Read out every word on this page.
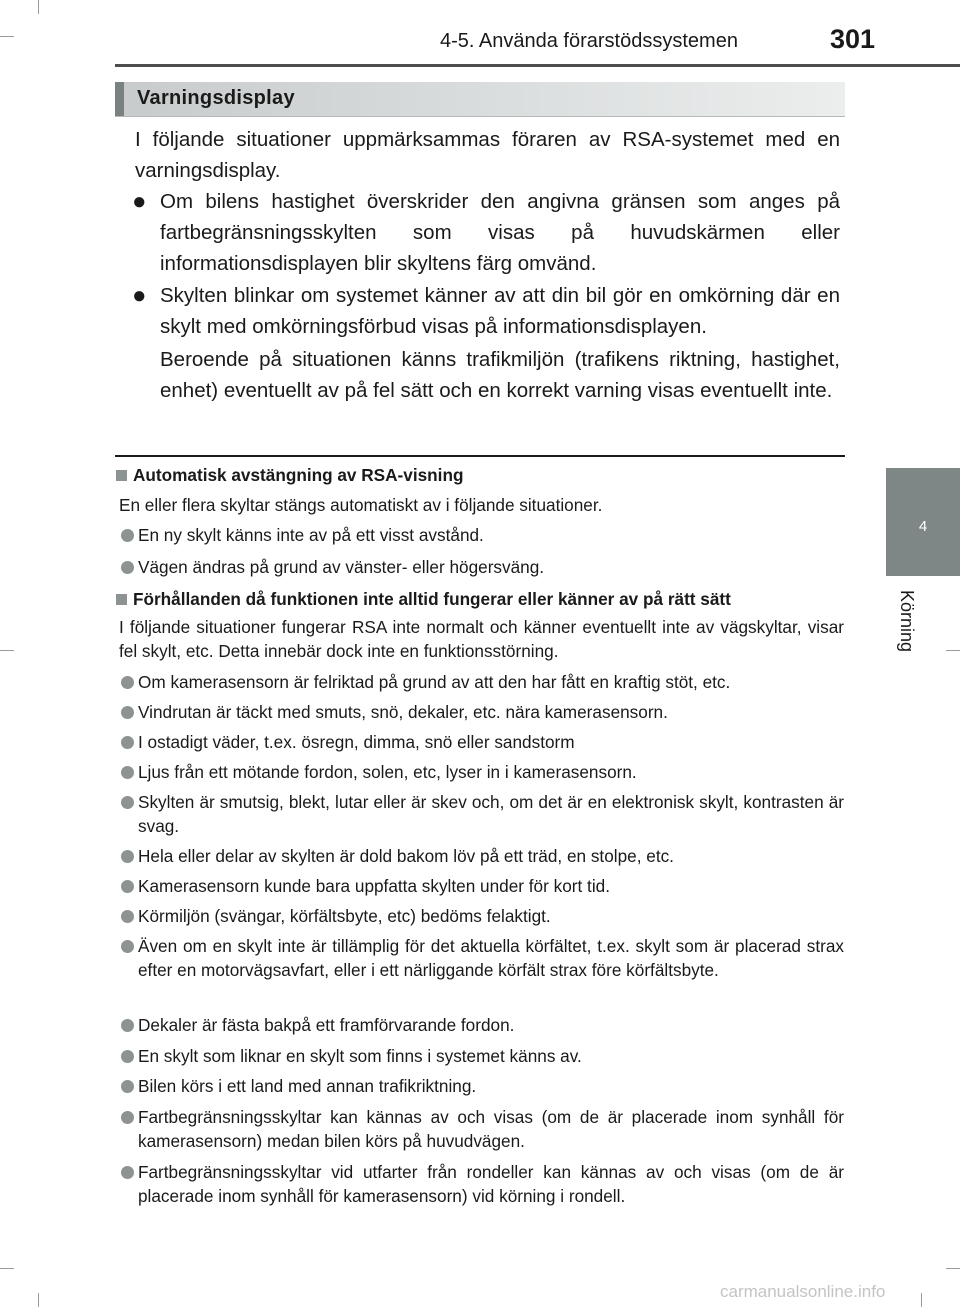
4-5. Använda förarstödssystemen	301
4
Körning
Varningsdisplay
I följande situationer uppmärksammas föraren av RSA-systemet med en varningsdisplay.
● Om bilens hastighet överskrider den angivna gränsen som anges på fartbegränsningsskylten som visas på huvudskärmen eller informationsdisplayen blir skyltens färg omvänd.
● Skylten blinkar om systemet känner av att din bil gör en omkörning där en skylt med omkörningsförbud visas på informationsdisplayen.
Beroende på situationen känns trafikmiljön (trafikens riktning, hastighet, enhet) eventuellt av på fel sätt och en korrekt varning visas eventuellt inte.
Automatisk avstängning av RSA-visning
En eller flera skyltar stängs automatiskt av i följande situationer.
En ny skylt känns inte av på ett visst avstånd.
Vägen ändras på grund av vänster- eller högersväng.
Förhållanden då funktionen inte alltid fungerar eller känner av på rätt sätt
I följande situationer fungerar RSA inte normalt och känner eventuellt inte av vägskyltar, visar fel skylt, etc. Detta innebär dock inte en funktionsstörning.
Om kamerasensorn är felriktad på grund av att den har fått en kraftig stöt, etc.
Vindrutan är täckt med smuts, snö, dekaler, etc. nära kamerasensorn.
I ostadigt väder, t.ex. ösregn, dimma, snö eller sandstorm
Ljus från ett mötande fordon, solen, etc, lyser in i kamerasensorn.
Skylten är smutsig, blekt, lutar eller är skev och, om det är en elektronisk skylt, kontrasten är svag.
Hela eller delar av skylten är dold bakom löv på ett träd, en stolpe, etc.
Kamerasensorn kunde bara uppfatta skylten under för kort tid.
Körmiljön (svängar, körfältsbyte, etc) bedöms felaktigt.
Även om en skylt inte är tillämplig för det aktuella körfältet, t.ex. skylt som är placerad strax efter en motorvägsavfart, eller i ett närliggande körfält strax före körfältsbyte.
Dekaler är fästa bakpå ett framförvarande fordon.
En skylt som liknar en skylt som finns i systemet känns av.
Bilen körs i ett land med annan trafikriktning.
Fartbegränsningsskyltar kan kännas av och visas (om de är placerade inom synhåll för kamerasensorn) medan bilen körs på huvudvägen.
Fartbegränsningsskyltar vid utfarter från rondeller kan kännas av och visas (om de är placerade inom synhåll för kamerasensorn) vid körning i rondell.
carmanualsonline.info
